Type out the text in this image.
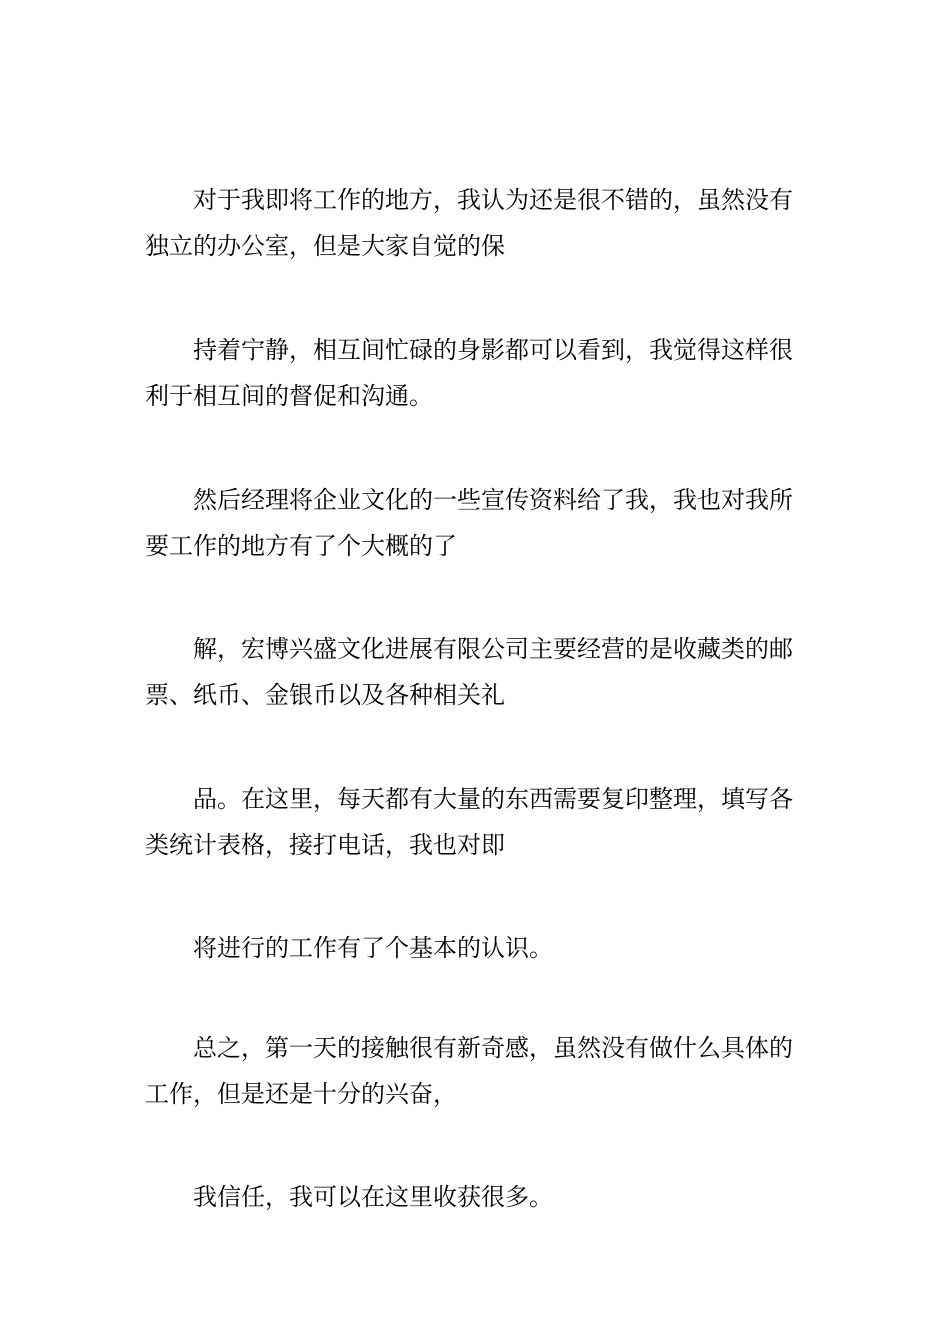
对于我即将工作的地方，我认为还是很不错的，虽然没有
独立的办公室，但是大家自觉的保
持着宁静，相互间忙碌的身影都可以看到，我觉得这样很
利于相互间的督促和沟通。
然后经理将企业文化的一些宣传资料给了我，我也对我所
要工作的地方有了个大概的了
解，宏博兴盛文化进展有限公司主要经营的是收藏类的邮
票、纸币、金银币以及各种相关礼
品。在这里，每天都有大量的东西需要复印整理，填写各
类统计表格，接打电话，我也对即
将进行的工作有了个基本的认识。
总之，第一天的接触很有新奇感，虽然没有做什么具体的
工作，但是还是十分的兴奋，
我信任，我可以在这里收获很多。
